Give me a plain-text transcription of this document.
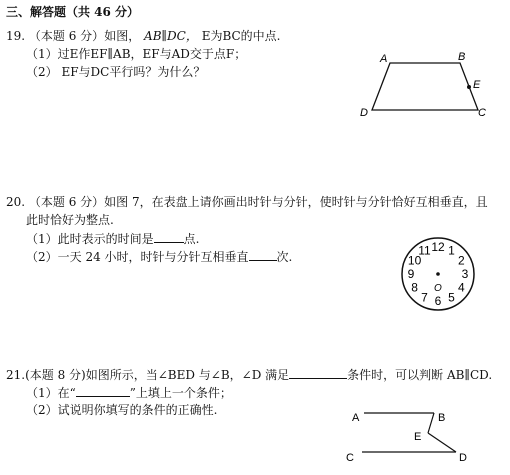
三、解答题（共 46 分）
19. （本题 6 分）如图， AB∥DC， E为BC的中点.
（1）过E作EF∥AB，EF与AD交于点F；
（2） EF与DC平行吗？为什么？
A	B
E
C
D
20. （本题 6 分）如图 7，在表盘上请你画出时针与分针，使时针与分针恰好互相垂直，且
此时恰好为整点.
（1）此时表示的时间是	点.
（2）一天 24 小时，时针与分针互相垂直 次.
O
12 1
2
3
4
5
6
7
8
9
10
11
21.(本题 8 分)如图所示，当∠BED 与∠B，∠D 满足	条件时，可以判断 AB∥CD.
（1）在“	”上填上一个条件；
（2）试说明你填写的条件的正确性.
A	B
E
C	D
